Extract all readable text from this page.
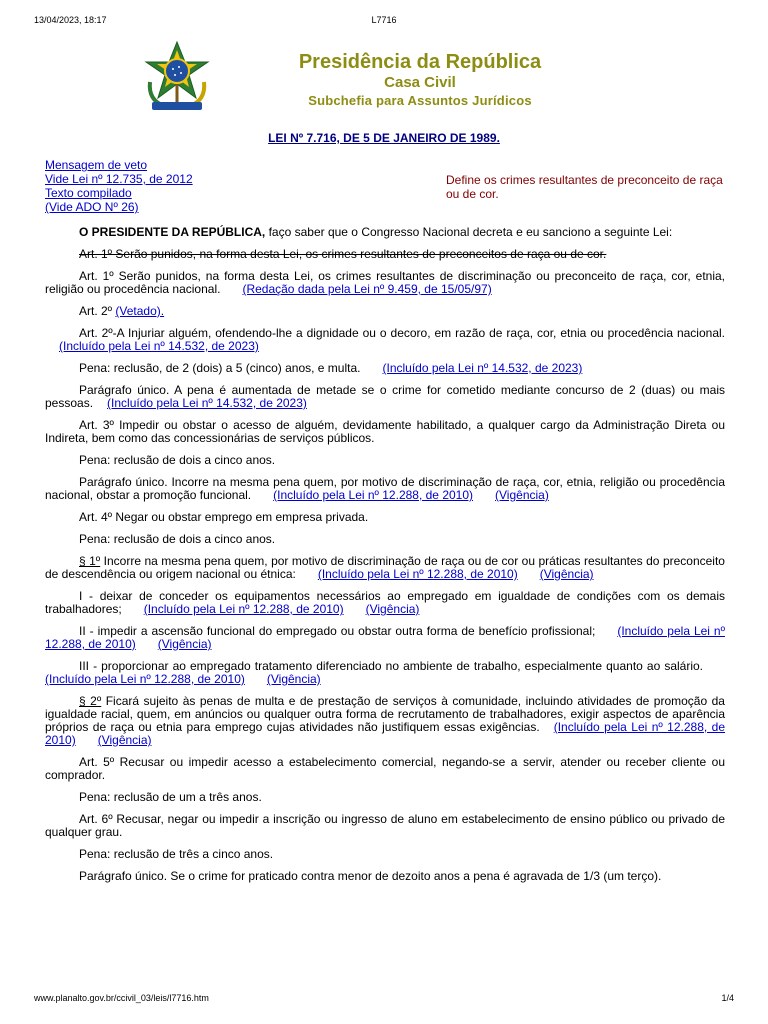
13/04/2023, 18:17	L7716
Presidência da República
Casa Civil
Subchefia para Assuntos Jurídicos
LEI Nº 7.716, DE 5 DE JANEIRO DE 1989.
Mensagem de veto
Vide Lei nº 12.735, de 2012
Texto compilado
(Vide ADO Nº 26)
Define os crimes resultantes de preconceito de raça ou de cor.

O PRESIDENTE DA REPÚBLICA, faço saber que o Congresso Nacional decreta e eu sanciono a seguinte Lei:

Art. 1º Serão punidos, na forma desta Lei, os crimes resultantes de preconceitos de raça ou de cor.

Art. 1º Serão punidos, na forma desta Lei, os crimes resultantes de discriminação ou preconceito de raça, cor, etnia, religião ou procedência nacional. (Redação dada pela Lei nº 9.459, de 15/05/97)

Art. 2º (Vetado).

Art. 2º-A Injuriar alguém, ofendendo-lhe a dignidade ou o decoro, em razão de raça, cor, etnia ou procedência nacional.(Incluído pela Lei nº 14.532, de 2023)

Pena: reclusão, de 2 (dois) a 5 (cinco) anos, e multa. (Incluído pela Lei nº 14.532, de 2023)

Parágrafo único. A pena é aumentada de metade se o crime for cometido mediante concurso de 2 (duas) ou mais pessoas. (Incluído pela Lei nº 14.532, de 2023)

Art. 3º Impedir ou obstar o acesso de alguém, devidamente habilitado, a qualquer cargo da Administração Direta ou Indireta, bem como das concessionárias de serviços públicos.

Pena: reclusão de dois a cinco anos.

Parágrafo único. Incorre na mesma pena quem, por motivo de discriminação de raça, cor, etnia, religião ou procedência nacional, obstar a promoção funcional. (Incluído pela Lei nº 12.288, de 2010) (Vigência)

Art. 4º Negar ou obstar emprego em empresa privada.

Pena: reclusão de dois a cinco anos.

§ 1º Incorre na mesma pena quem, por motivo de discriminação de raça ou de cor ou práticas resultantes do preconceito de descendência ou origem nacional ou étnica: (Incluído pela Lei nº 12.288, de 2010) (Vigência)

I - deixar de conceder os equipamentos necessários ao empregado em igualdade de condições com os demais trabalhadores; (Incluído pela Lei nº 12.288, de 2010) (Vigência)

II - impedir a ascensão funcional do empregado ou obstar outra forma de benefício profissional; (Incluído pela Lei nº 12.288, de 2010) (Vigência)

III - proporcionar ao empregado tratamento diferenciado no ambiente de trabalho, especialmente quanto ao salário.(Incluído pela Lei nº 12.288, de 2010) (Vigência)

§ 2º Ficará sujeito às penas de multa e de prestação de serviços à comunidade, incluindo atividades de promoção da igualdade racial, quem, em anúncios ou qualquer outra forma de recrutamento de trabalhadores, exigir aspectos de aparência próprios de raça ou etnia para emprego cujas atividades não justifiquem essas exigências. (Incluído pela Lei nº 12.288, de 2010) (Vigência)

Art. 5º Recusar ou impedir acesso a estabelecimento comercial, negando-se a servir, atender ou receber cliente ou comprador.

Pena: reclusão de um a três anos.

Art. 6º Recusar, negar ou impedir a inscrição ou ingresso de aluno em estabelecimento de ensino público ou privado de qualquer grau.

Pena: reclusão de três a cinco anos.

Parágrafo único. Se o crime for praticado contra menor de dezoito anos a pena é agravada de 1/3 (um terço).

www.planalto.gov.br/ccivil_03/leis/l7716.htm	1/4
